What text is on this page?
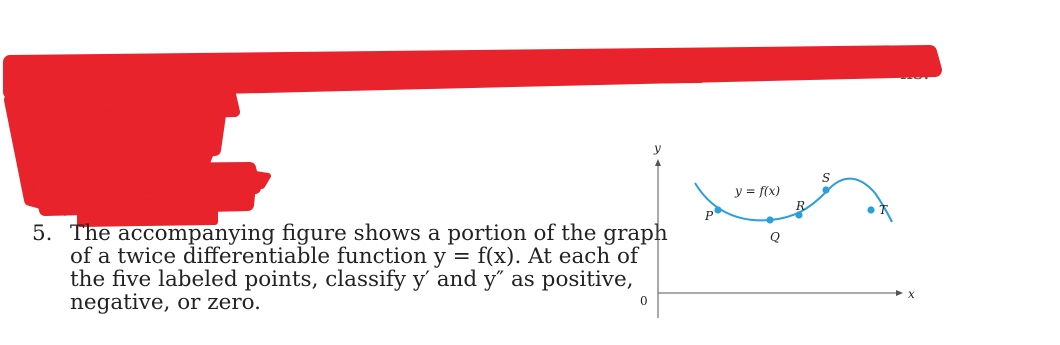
5. The accompanying figure shows a portion of the graph
of a twice differentiable function y = f(x). At each of
the five labeled points, classify y′ and y″ as positive,
negative, or zero.
y
x
0
y = f(x)
P
Q
R
S
T
